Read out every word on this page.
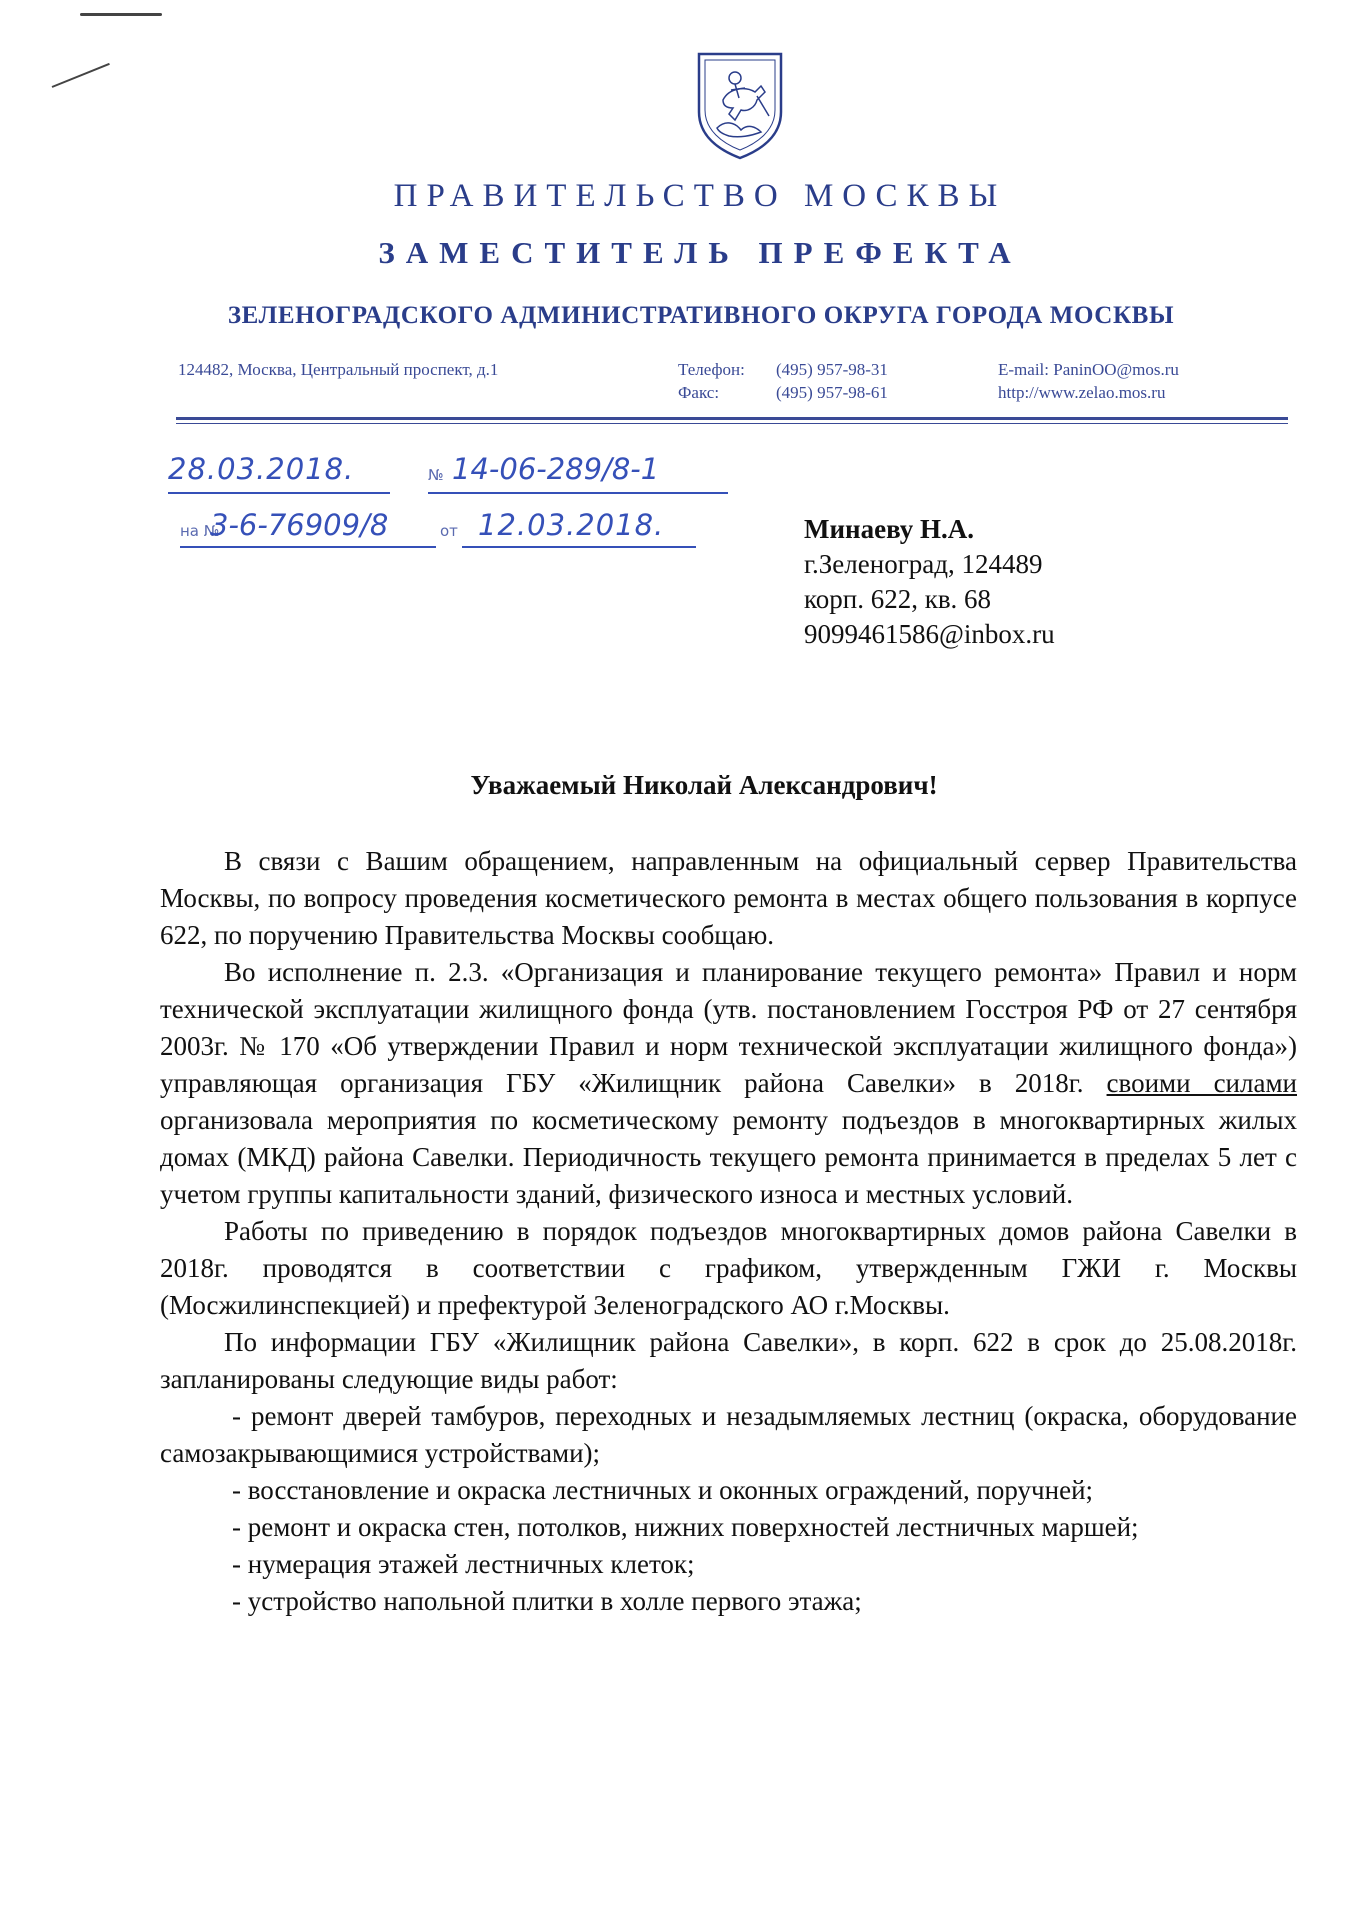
ПРАВИТЕЛЬСТВО МОСКВЫ
ЗАМЕСТИТЕЛЬ ПРЕФЕКТА
ЗЕЛЕНОГРАДСКОГО АДМИНИСТРАТИВНОГО ОКРУГА ГОРОДА МОСКВЫ
124482, Москва, Центральный проспект, д.1	Телефон:	(495) 957-98-31
Факс:	(495) 957-98-61
E-mail: PaninOO@mos.ru
http://www.zelao.mos.ru
28.03.2018.	№ 14-06-289/8-1
на №
3-6-76909/8	от 12.03.2018.	Минаеву Н.А.
г.Зеленоград, 124489
корп. 622, кв. 68
9099461586@inbox.ru
Уважаемый Николай Александрович!

В связи с Вашим обращением, направленным на официальный сервер Правительства Москвы, по вопросу проведения косметического ремонта в местах общего пользования в корпусе 622, по поручению Правительства Москвы сообщаю.

Во исполнение п. 2.3. «Организация и планирование текущего ремонта» Правил и норм технической эксплуатации жилищного фонда (утв. постановлением Госстроя РФ от 27 сентября 2003г. № 170 «Об утверждении Правил и норм технической эксплуатации жилищного фонда») управляющая организация ГБУ «Жилищник района Савелки» в 2018г. своими силами организовала мероприятия по косметическому ремонту подъездов в многоквартирных жилых домах (МКД) района Савелки. Периодичность текущего ремонта принимается в пределах 5 лет с учетом группы капитальности зданий, физического износа и местных условий.

Работы по приведению в порядок подъездов многоквартирных домов района Савелки в 2018г. проводятся в соответствии с графиком, утвержденным ГЖИ г. Москвы (Мосжилинспекцией) и префектурой Зеленоградского АО г.Москвы.

По информации ГБУ «Жилищник района Савелки», в корп. 622 в срок до 25.08.2018г. запланированы следующие виды работ:

- ремонт дверей тамбуров, переходных и незадымляемых лестниц (окраска, оборудование самозакрывающимися устройствами);

- восстановление и окраска лестничных и оконных ограждений, поручней;

- ремонт и окраска стен, потолков, нижних поверхностей лестничных маршей;

- нумерация этажей лестничных клеток;

- устройство напольной плитки в холле первого этажа;
